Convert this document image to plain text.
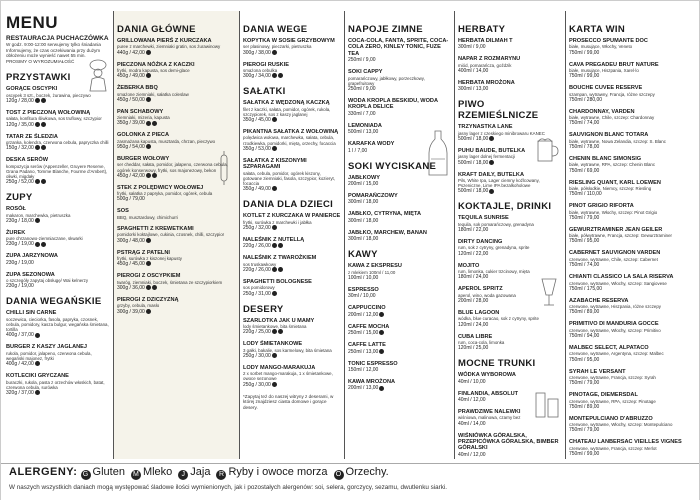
MENU
RESTAURACJA PUCHACZÓWKA
W godz. 9:00-12:00 serwujemy tylko śniadania
Informujemy, że czas oczekiwania przy dużym obłożeniu może wynieść nawet 55 min.
PROSIMY O WYROZUMIAŁOŚĆ
PRZYSTAWKI
GORĄCE OSCYPKI
oscypek 3 szt., boczek, żurawina, pieczywo
120g / 28,00
TOST Z PIECZONĄ WOŁOWINĄ
sałata, konfitura śliwkowa, sos truflowy, szczypior
120g / 35,00
TATAR ZE ŚLEDZIA
grzanka, kolendra, czerwona cebula, papryczka chilli
150g / 32,00
DESKA SERÓW
kompozycja serów (Appenzeller, Gruyere Reserve, Grana Padano, Tomme Blanche, Fourme d'Ambert), oliwki, migdały
250g / 52,00
ZUPY
ROSÓŁ
makaron, marchewka, pietruszka
230g / 18,00
ŻUREK
pure chrzanowo-ziemniaczane, skwarki
230g / 19,00
ZUPA JARZYNOWA
230g / 19,00
ZUPA SEZONOWA
o szczegóły zapytaj obsługę/ Wai kelnerzy
230g / 19,00
DANIA WEGAŃSKIE
CHILLI SIN CARNE
soczewica, cieciorka, fasola, papryka, czosnek, cebula, pomidory, kasza bulgur, wegańska śmietana, tortilla
400g / 37,00
BURGER Z KASZY JAGLANEJ
rukola, pomidor, jalapeno, czerwona cebula, wegański majonez, frytki
400g / 42,00
KOTLECIKI GRYCZANE
buraczki, rukola, pasta z orzechów włoskich, batat, czerwona cebula, surówka
320g / 37,00
DANIA GŁÓWNE
GRILLOWANA PIERŚ Z KURCZAKA
puree z marchewki, ziemniaki gratin, sos żurawinowy
440g / 42,00
PIECZONA NÓŻKA Z KACZKI
frytki, modra kapusta, sos demi-glace
450g / 49,00
ŻEBERKA BBQ
smażone ziemniaki, sałatka coleslaw
450g / 50,00
PAN SCHABOWY
ziemniaki, mizeria, kapusta
350g / 39,00
GOLONKA Z PIECA
zasmażana kapusta, musztarda, chrzan, pieczywo
950g / 54,00
BURGER WOŁOWY
ser cheddar, sałata, pomidor, jalapeno, czerwona cebula, ogórek konserwowy, frytki, sos majonezowy, bekon
450g / 42,00
STEK Z POLĘDWICY WOŁOWEJ
frytki, sałatka z papryka, pomidor, ogórek, cebula
500g / 79,00
SOS
BBQ, musztardowy, chimichurri
SPAGHETTI Z KREWETKAMI
pomidorki koktajlowe, cukinia, czosnek, chilli, szczypior
300g / 48,00
PSTRĄG Z PATELNI
frytki, surówka z kiszonej kapusty
450g / 45,00
PIEROGI Z OSCYPKIEM
twaróg, ziemniaki, boczek, śmietana ze szczypiorkiem
300g / 36,00
PIEROGI Z DZICZYZNĄ
grzyby, cebula, masło
300g / 39,00
DANIA WEGE
KOPYTKA W SOSIE GRZYBOWYM
ser plasinowy, pieczarki, pietruszka
300g / 38,00
PIEROGI RUSKIE
smażona cebulka
300g / 34,00
SAŁATKI
SAŁATKA Z WĘDZONĄ KACZKĄ
filet z kaczki, sałata, pomidor, ogórek, rukola, szczypiorek, sos z kaszy jaglanej
350g / 45,00
PIKANTNA SAŁATKA Z WOŁOWINĄ
polędwica wołowa, marchewka, sałata, cebula, rzodkiewka, pomidorki, miętą, orzechy, focaccia
350g / 53,00
SAŁATKA Z KISZONYMI SZPARAGAMI
sałata, cebula, pomidor, ogórek kiszony, gotowane ziemniaki, fasola, szczypior, kozieryt, focaccia
350g / 49,00
DANIA DLA DZIECI
KOTLET Z KURCZAKA W PANIERCE
frytki, surówka z marchewki i jabłka
250g / 32,00
NALEŚNIK Z NUTELLĄ
220g / 26,00
NALEŚNIK Z TWAROŻKIEM
sos truskawkowy
220g / 26,00
SPAGHETTI BOLOGNESE
sos pomidorowy
250g / 31,00
DESERY
SZARLOTKA JAK U MAMY
lody śmietankowe, bita śmietana
220g / 25,00
LODY ŚMIETANKOWE
3 gałki, bakalie, sos karmelowy, bita śmietana
250g / 30,00
LODY MANGO-MARAKUJA
2 x sorbet mango-marakuja, 1 x śmietankowe, owoce sezonowe
250g / 30,00
*Zapytaj też do naszej witryny z deserami, w której znajdziesz ciasta domowe i gorące desery.
NAPOJE ZIMNE
COCA-COLA, FANTA, SPRITE, COCA-COLA ZERO, KINLEY TONIC, FUZE TEA
250ml / 9,00
SOKI CAPPY
pomarańczowy, jabłkowy, porzeczkowy, grapefruitowy
250ml / 9,00
WODA KROPLA BESKIDU, WODA KROPLA DELICE
330ml / 7,00
LEMONIADA
500ml / 13,00
KARAFKA WODY
1 l / 7,00
SOKI WYCISKANE
JABŁKOWY
200ml / 15,00
POMARAŃCZOWY
300ml / 18,00
JABŁKO, CYTRYNA, MIĘTA
300ml / 18,00
JABŁKO, MARCHEW, BANAN
300ml / 18,00
KAWY
KAWA Z EKSPRESU
z mlekiem 100ml / 11,00
100ml / 10,00
ESPRESSO
30ml / 10,00
CAPPUCCINO
200ml / 12,00
CAFFE MOCHA
250ml / 15,00
CAFFE LATTE
250ml / 13,00
TONIC ESPRESSO
150ml / 12,00
KAWA MROŻONA
200ml / 13,00
HERBATY
HERBATA DILMAH T
300ml / 9,00
NAPAR Z ROZMARYNU
miód, pomarańcza, goździk
400ml / 14,00
HERBATA MROŻONA
300ml / 13,00
PIWO RZEMIEŚLNICZE
TRZYNASTKA LANE
jasny lager z czeskiego minibrowaru KANEC
500ml / 18,00
PUHU BAUDE, BUTELKA
jasny lager dolnej fermentacji
500ml / 18,00
KRAFT DAILY, BUTELKA
Pils, White Ipa, Lager ciemny koźlcowany, Pszeniczne, Lime IPA bezalkoholowe
500ml / 18,00
KOKTAJLE, DRINKI
TEQUILA SUNRISE
tequila, sok pomarańczowy, grenadyna
180ml / 22,00
DIRTY DANCING
rum, sok z cytryny, grenadyna, sprite
120ml / 22,00
MOJITO
rum, limonka, cukier trzcinowy, mięta
180ml / 24,00
APEROL SPRITZ
aperol, wino, woda gazowana
200ml / 28,00
BLUE LAGOON
wódka, blue curacao, sok z cytryny, sprite
120ml / 24,00
CUBA LIBRE
rum, coca-cola, limonka
120ml / 25,00
MOCNE TRUNKI
WÓDKA WYBOROWA
40ml / 10,00
FINLANDIA, ABSOLUT
40ml / 12,00
PRAWDZIWE NALEWKI
wiśniowa, malinowa, czarny bez
40ml / 14,00
WIŚNIÓWKA GÓRALSKA, PRZEPICÓWKA GÓRALSKA, BIMBER GÓRALSKI
40ml / 12,00
KARTA WIN
PROSECCO SPUMANTE DOC
białe, musujące, Włochy, Veneto
750ml / 99,00
CAVA PREGADEU BRUT NATURE
białe, musujące, Hiszpania, Xarel·lo
750ml / 99,00
BOUCHE CUVEE RESERVE
szampan, wytrawny, Francja, różne szczepy
750ml / 280,00
CHARDONNAY, VARDEN
białe, wytrawne, Chile, szczep: Chardonnay
750ml / 74,00
SAUVIGNON BLANC TOTARA
białe, wytrawne, Nowa Zelandia, szczep: S. Blanc
750ml / 78,00
CHENIN BLANC SIMONSIG
białe, wytrawne, RPA, szczep: Chenin Blanc
750ml / 69,00
RIESLING QUANT, KARL LOEWEN
białe, półsłodkie, Niemcy, szczep: Riesling
750ml / 110,00
PINOT GRIGIO RIFORTA
białe, wytrawne, Włochy, szczep: Pinot Grigio
750ml / 79,00
GEWURZTRAMINER JEAN GEILER
białe, półwytrawne, Francja, szczep: Gewurztraminer
750ml / 95,00
CABERNET SAUVIGNON VARDEN
czerwone, wytrawne, Chile, szczep: Cabernet
750ml / 74,00
CHIANTI CLASSICO LA SALA RISERVA
czerwone, wytrawne, Włochy, szczep: Sangiovese
750ml / 175,00
AZABACHE RESERVA
czerwone, wytrawne, Hiszpania, różne szczepy
750ml / 89,00
PRIMITIVO DI MANDURIA GOCCE
czerwone, wytrawne, Włochy, szczep: Primitivo
750ml / 94,00
MALBEC SELECT, ALPATACO
czerwone, wytrawne, Argentyna, szczep: Malbec
750ml / 95,00
SYRAH LE VERSANT
czerwone, wytrawne, Francja, szczep: Syrah
750ml / 79,00
PINOTAGE, DIEMERSDAL
czerwone, wytrawne, RPA, szczep: Pinotage
750ml / 89,00
MONTEPULCIANO D'ABRUZZO
czerwone, wytrawne, Włochy, szczep: Montepulciano
750ml / 79,00
CHATEAU LANBERSAC VIEILLES VIGNES
czerwone, wytrawne, Francja, szczep: Merlot
750ml / 99,00
ALERGENY: G Gluten M Mleko J Jaja R Ryby i owoce morza O Orzechy.
W naszych wszystkich daniach mogą występować śladowe ilości wymienionych, jak i pozostałych alergenów: soi, selera, gorczycy, sezamu, dwutlenku siarki.
